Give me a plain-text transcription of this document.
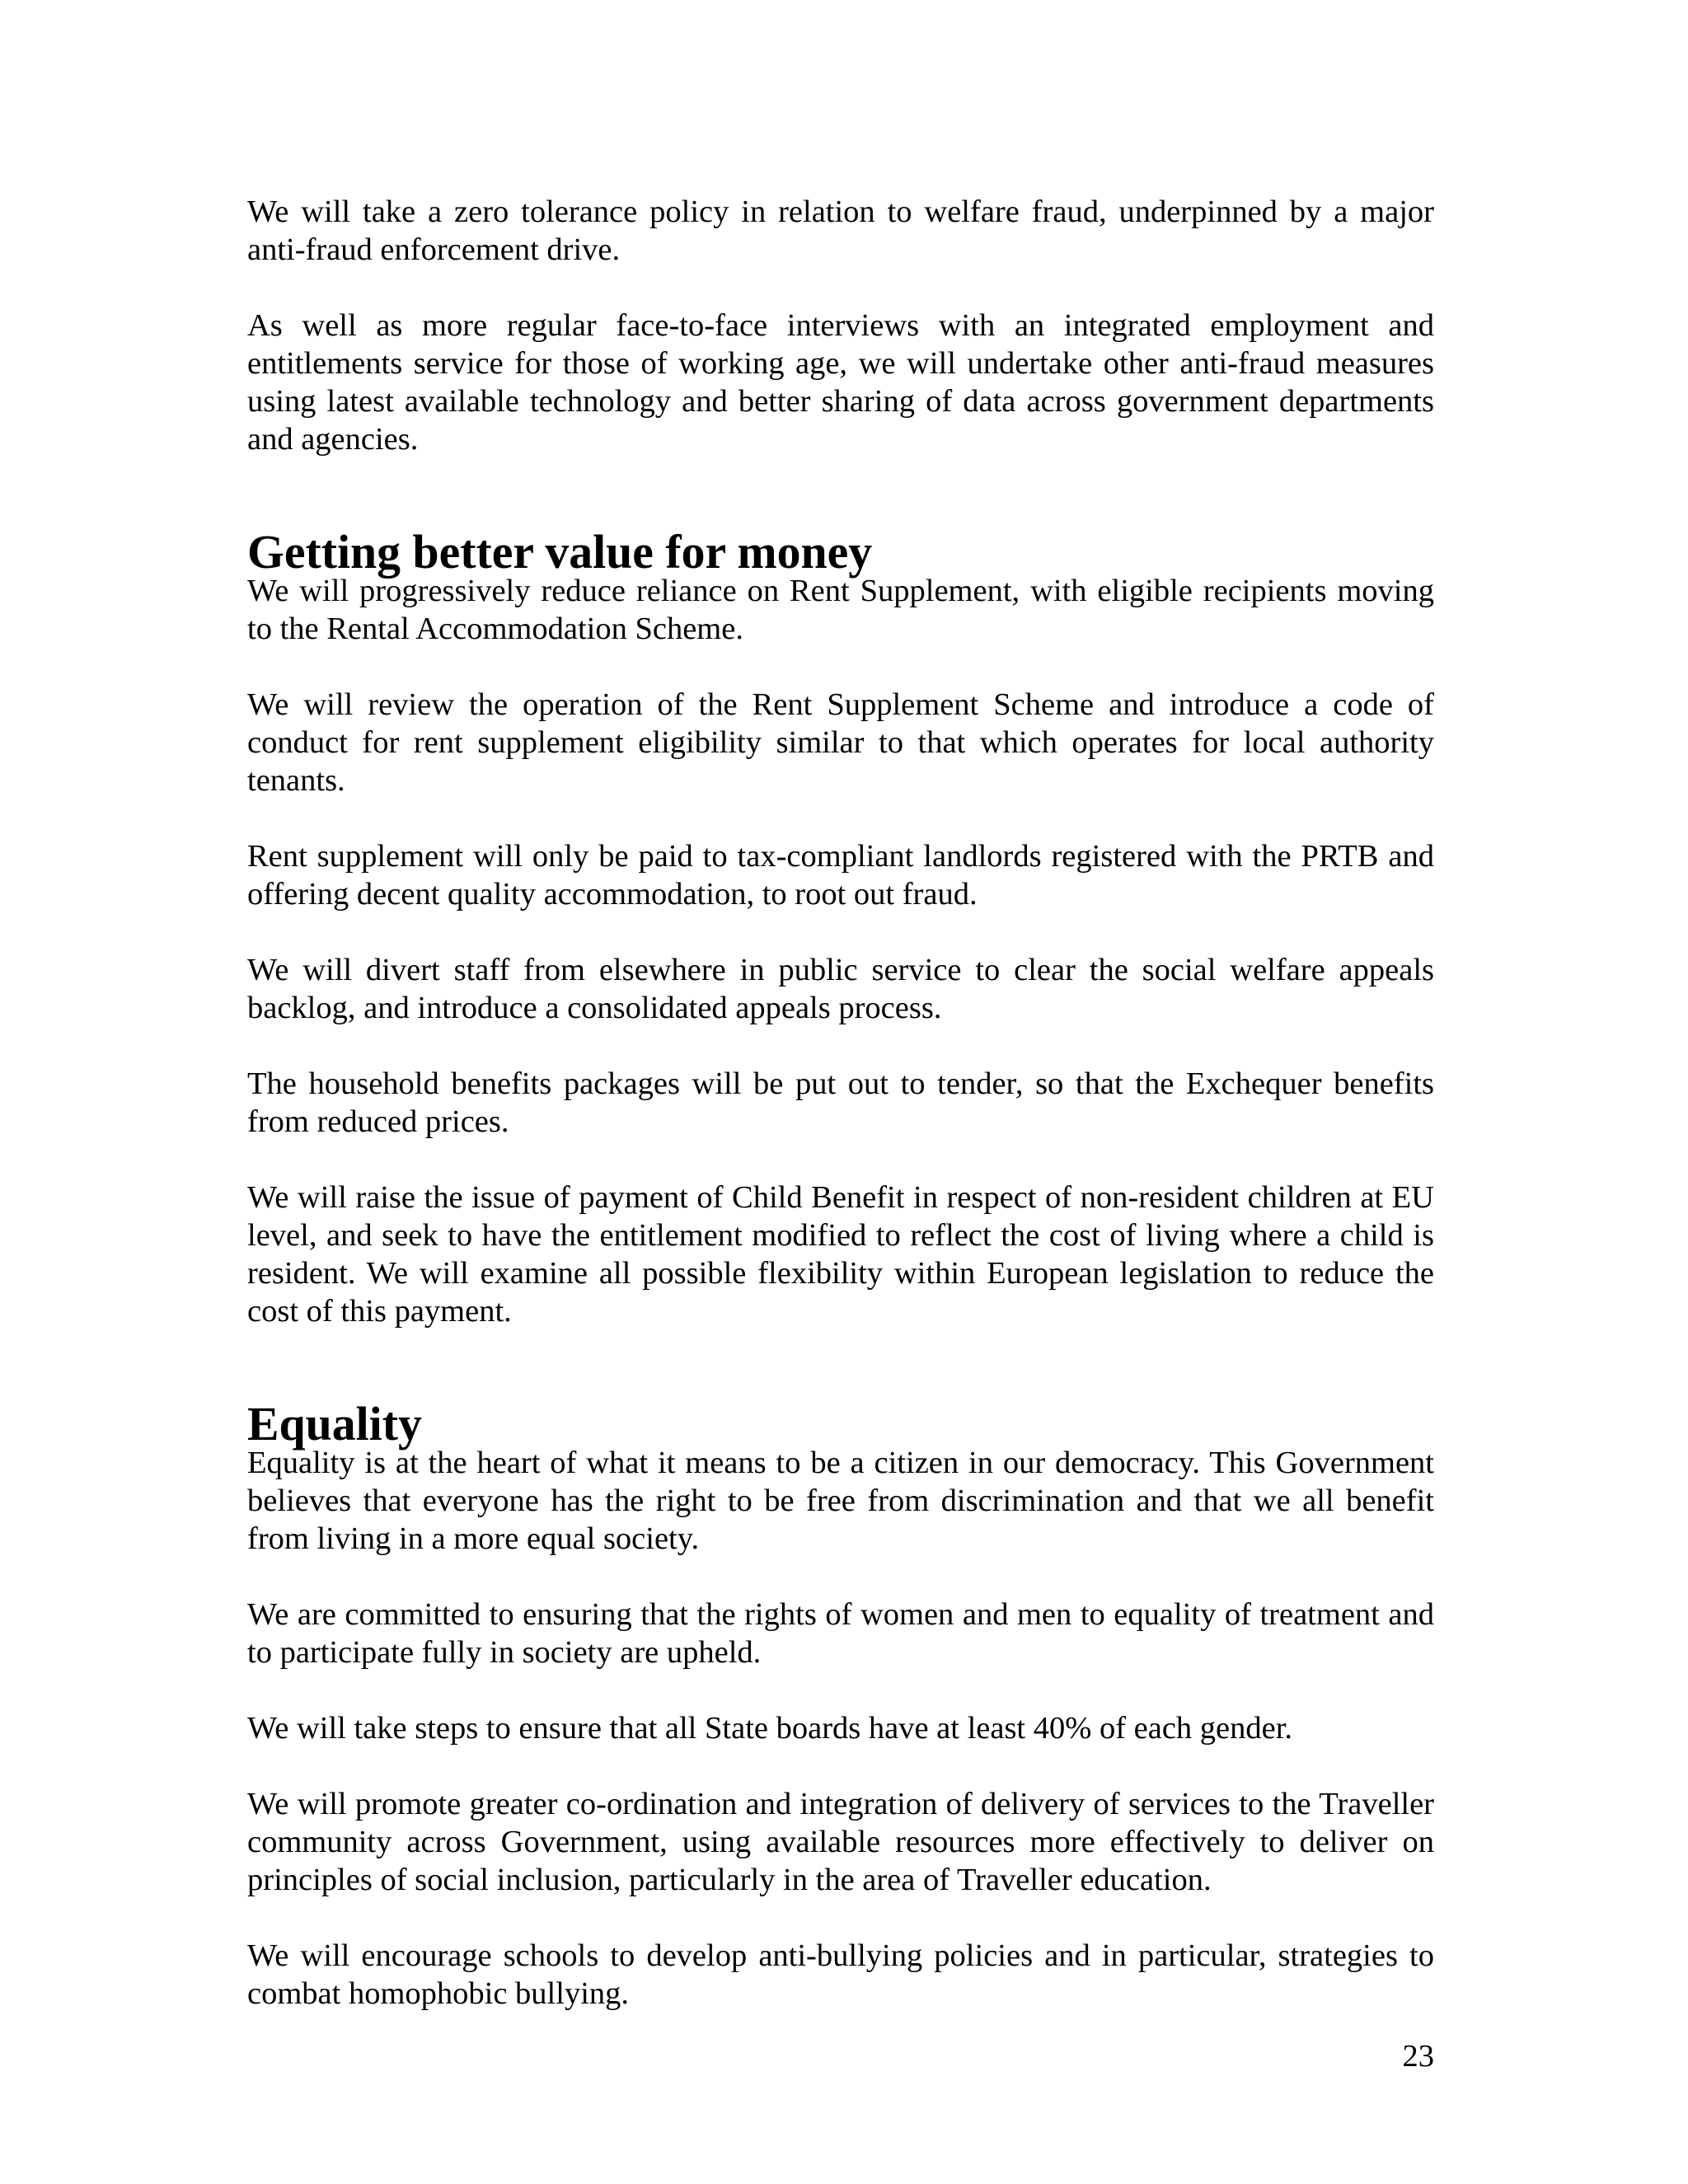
We will take a zero tolerance policy in relation to welfare fraud, underpinned by a major anti-fraud enforcement drive.

As well as more regular face-to-face interviews with an integrated employment and entitlements service for those of working age, we will undertake other anti-fraud measures using latest available technology and better sharing of data across government departments and agencies.

Getting better value for money

We will progressively reduce reliance on Rent Supplement, with eligible recipients moving to the Rental Accommodation Scheme.

We will review the operation of the Rent Supplement Scheme and introduce a code of conduct for rent supplement eligibility similar to that which operates for local authority tenants.

Rent supplement will only be paid to tax-compliant landlords registered with the PRTB and offering decent quality accommodation, to root out fraud.

We will divert staff from elsewhere in public service to clear the social welfare appeals backlog, and introduce a consolidated appeals process.

The household benefits packages will be put out to tender, so that the Exchequer benefits from reduced prices.

We will raise the issue of payment of Child Benefit in respect of non-resident children at EU level, and seek to have the entitlement modified to reflect the cost of living where a child is resident. We will examine all possible flexibility within European legislation to reduce the cost of this payment.

Equality

Equality is at the heart of what it means to be a citizen in our democracy. This Government believes that everyone has the right to be free from discrimination and that we all benefit from living in a more equal society.

We are committed to ensuring that the rights of women and men to equality of treatment and to participate fully in society are upheld.

We will take steps to ensure that all State boards have at least 40% of each gender.

We will promote greater co-ordination and integration of delivery of services to the Traveller community across Government, using available resources more effectively to deliver on principles of social inclusion, particularly in the area of Traveller education.

We will encourage schools to develop anti-bullying policies and in particular, strategies to combat homophobic bullying.

23
